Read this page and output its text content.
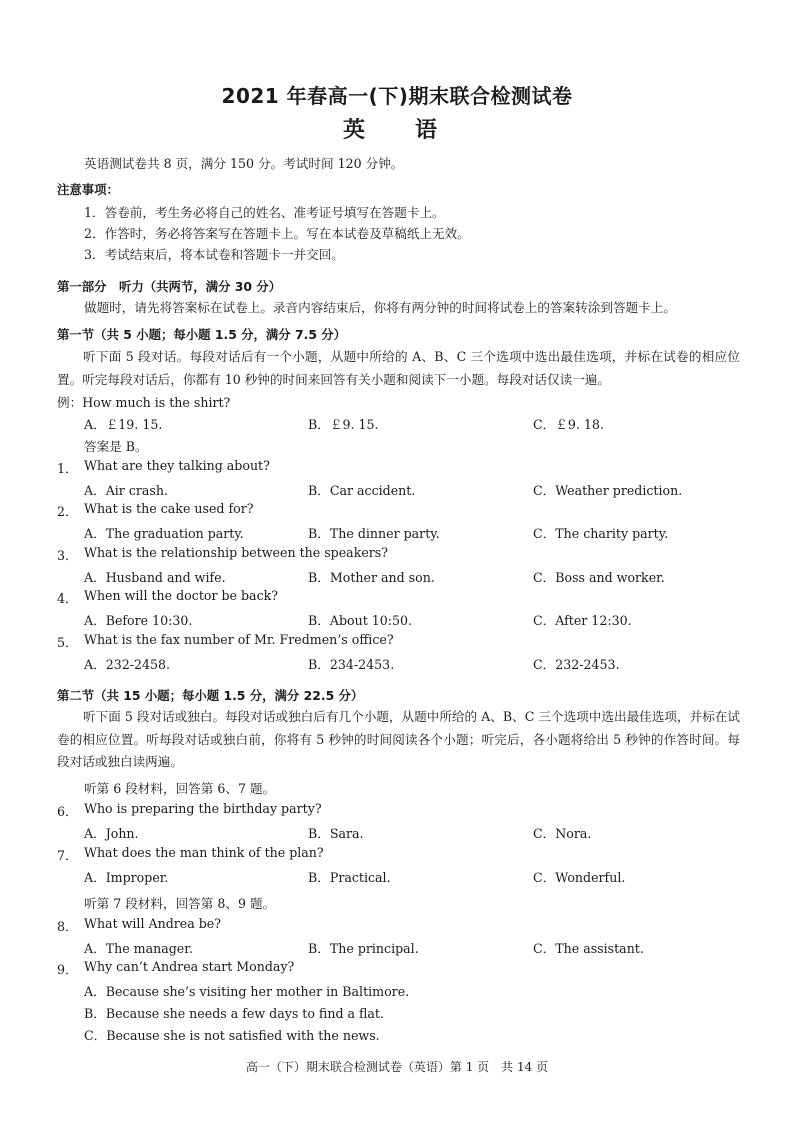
2021 年春高一(下)期末联合检测试卷
英　语
英语测试卷共 8 页，满分 150 分。考试时间 120 分钟。
注意事项：
1．答卷前，考生务必将自己的姓名、准考证号填写在答题卡上。
2．作答时，务必将答案写在答题卡上。写在本试卷及草稿纸上无效。
3．考试结束后，将本试卷和答题卡一并交回。
第一部分　听力（共两节，满分 30 分）
做题时，请先将答案标在试卷上。录音内容结束后，你将有两分钟的时间将试卷上的答案转涂到答题卡上。
第一节（共 5 小题；每小题 1.5 分，满分 7.5 分）
听下面 5 段对话。每段对话后有一个小题，从题中所给的 A、B、C 三个选项中选出最佳选项，并标在试卷的相应位置。听完每段对话后，你都有 10 秒钟的时间来回答有关小题和阅读下一小题。每段对话仅读一遍。
例：How much is the shirt?
A．￡19. 15.	B．￡9. 15.	C．￡9. 18.
答案是 B。
1． What are they talking about?
A．Air crash.	B．Car accident.	C．Weather prediction.
2． What is the cake used for?
A．The graduation party.	B．The dinner party.	C．The charity party.
3． What is the relationship between the speakers?
A．Husband and wife.	B．Mother and son.	C．Boss and worker.
4． When will the doctor be back?
A．Before 10:30.	B．About 10:50.	C．After 12:30.
5． What is the fax number of Mr. Fredmen’s office?
A．232-2458.	B．234-2453.	C．232-2453.
第二节（共 15 小题；每小题 1.5 分，满分 22.5 分）
听下面 5 段对话或独白。每段对话或独白后有几个小题，从题中所给的 A、B、C 三个选项中选出最佳选项，并标在试卷的相应位置。听每段对话或独白前，你将有 5 秒钟的时间阅读各个小题；听完后，各小题将给出 5 秒钟的作答时间。每段对话或独白读两遍。
听第 6 段材料，回答第 6、7 题。
6． Who is preparing the birthday party?
A．John.	B．Sara.	C．Nora.
7． What does the man think of the plan?
A．Improper.	B．Practical.	C．Wonderful.
听第 7 段材料，回答第 8、9 题。
8． What will Andrea be?
A．The manager.	B．The principal.	C．The assistant.
9． Why can’t Andrea start Monday?
A．Because she’s visiting her mother in Baltimore.
B．Because she needs a few days to find a flat.
C．Because she is not satisfied with the news.
高一（下）期末联合检测试卷（英语）第 1 页　共 14 页
